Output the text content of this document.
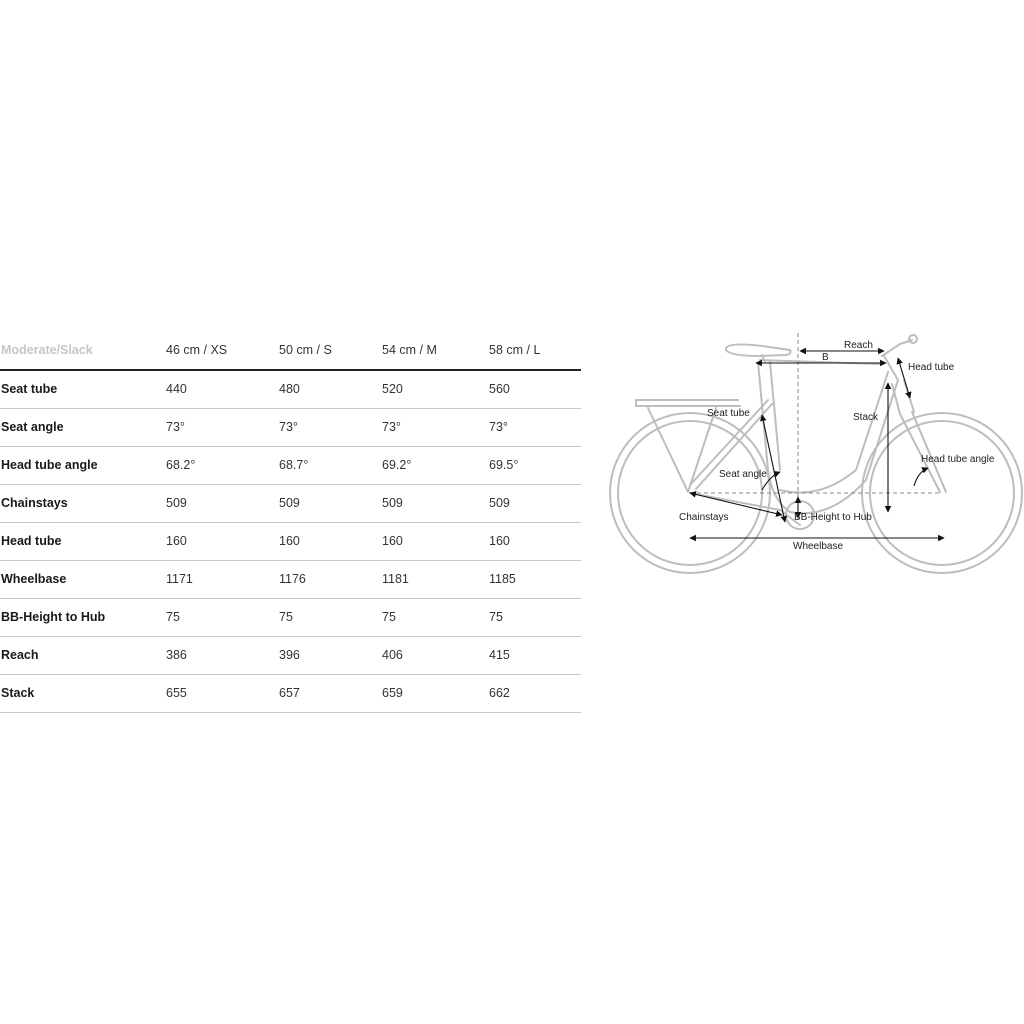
Moderate/Slack	46 cm / XS	50 cm / S	54 cm / M	58 cm / L
Seat tube	440	480	520	560
Seat angle	73°	73°	73°	73°
Head tube angle	68.2°	68.7°	69.2°	69.5°
Chainstays	509	509	509	509
Head tube	160	160	160	160
Wheelbase	1171	1176	1181	1185
BB-Height to Hub	75	75	75	75
Reach	386	396	406	415
Stack	655	657	659	662
Reach
B
Head tube
Seat tube	Stack
Seat angle
Head tube angle
Chainstays	BB-Height to Hub
Wheelbase
